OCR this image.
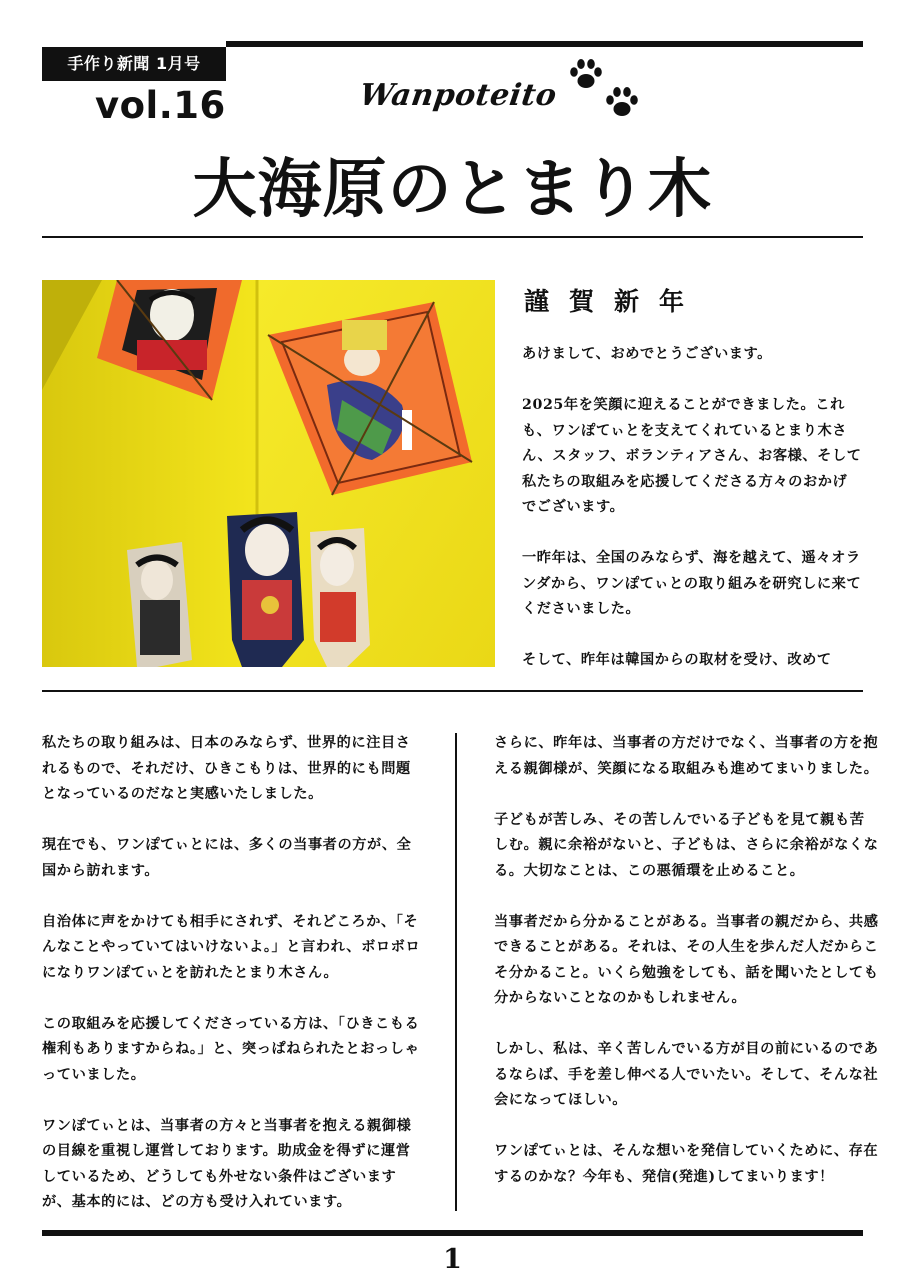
手作り新聞 1月号
vol.16	Wanpoteito
大海原のとまり木
謹賀新年

あけまして、おめでとうございます。

2025年を笑顔に迎えることができました。これも、ワンぽてぃとを支えてくれているとまり木さん、スタッフ、ボランティアさん、お客様、そして私たちの取組みを応援してくださる方々のおかげでございます。

一昨年は、全国のみならず、海を越えて、遥々オランダから、ワンぽてぃとの取り組みを研究しに来てくださいました。

そして、昨年は韓国からの取材を受け、改めて

私たちの取り組みは、日本のみならず、世界的に注目されるもので、それだけ、ひきこもりは、世界的にも問題となっているのだなと実感いたしました。

現在でも、ワンぽてぃとには、多くの当事者の方が、全国から訪れます。

自治体に声をかけても相手にされず、それどころか、「そんなことやっていてはいけないよ。」と言われ、ボロボロになりワンぽてぃとを訪れたとまり木さん。

この取組みを応援してくださっている方は、「ひきこもる権利もありますからね。」と、突っぱねられたとおっしゃっていました。

ワンぽてぃとは、当事者の方々と当事者を抱える親御様の目線を重視し運営しております。助成金を得ずに運営しているため、どうしても外せない条件はございますが、基本的には、どの方も受け入れています。

さらに、昨年は、当事者の方だけでなく、当事者の方を抱える親御様が、笑顔になる取組みも進めてまいりました。

子どもが苦しみ、その苦しんでいる子どもを見て親も苦しむ。親に余裕がないと、子どもは、さらに余裕がなくなる。大切なことは、この悪循環を止めること。

当事者だから分かることがある。当事者の親だから、共感できることがある。それは、その人生を歩んだ人だからこそ分かること。いくら勉強をしても、話を聞いたとしても分からないことなのかもしれません。

しかし、私は、辛く苦しんでいる方が目の前にいるのであるならば、手を差し伸べる人でいたい。そして、そんな社会になってほしい。

ワンぽてぃとは、そんな想いを発信していくために、存在するのかな？今年も、発信(発進)してまいります！

1
